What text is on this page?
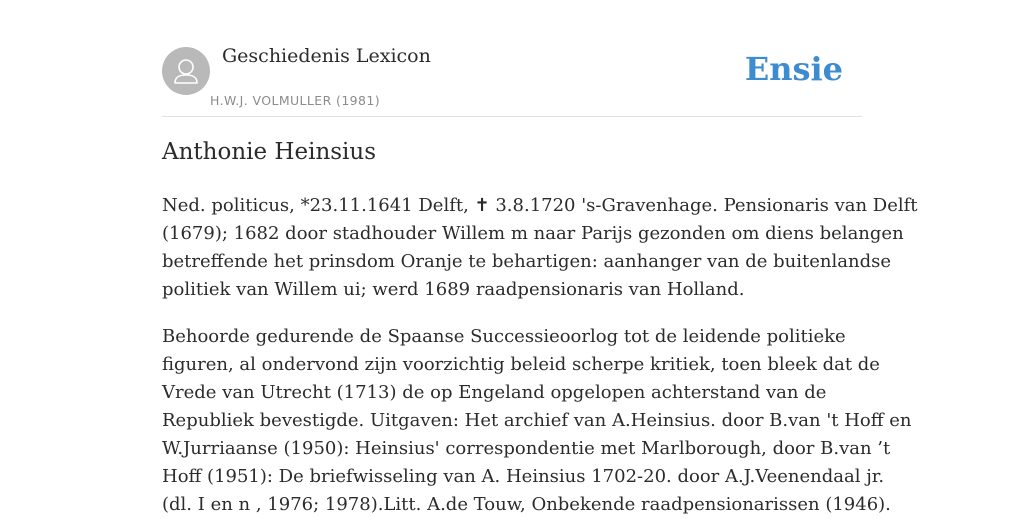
Geschiedenis Lexicon
H.W.J. VOLMULLER (1981)
Ensie
Anthonie Heinsius

Ned. politicus, *23.11.1641 Delft, ✝ 3.8.1720 's-Gravenhage. Pensionaris van Delft
(1679); 1682 door stadhouder Willem m naar Parijs gezonden om diens belangen
betreffende het prinsdom Oranje te behartigen: aanhanger van de buitenlandse
politiek van Willem ui; werd 1689 raadpensionaris van Holland.

Behoorde gedurende de Spaanse Successieoorlog tot de leidende politieke
figuren, al ondervond zijn voorzichtig beleid scherpe kritiek, toen bleek dat de
Vrede van Utrecht (1713) de op Engeland opgelopen achterstand van de
Republiek bevestigde. Uitgaven: Het archief van A.Heinsius. door B.van 't Hoff en
W.Jurriaanse (1950): Heinsius' correspondentie met Marlborough, door B.van ’t
Hoff (1951): De briefwisseling van A. Heinsius 1702-20. door A.J.Veenendaal jr.
(dl. I en n , 1976; 1978).Litt. A.de Touw, Onbekende raadpensionarissen (1946).
